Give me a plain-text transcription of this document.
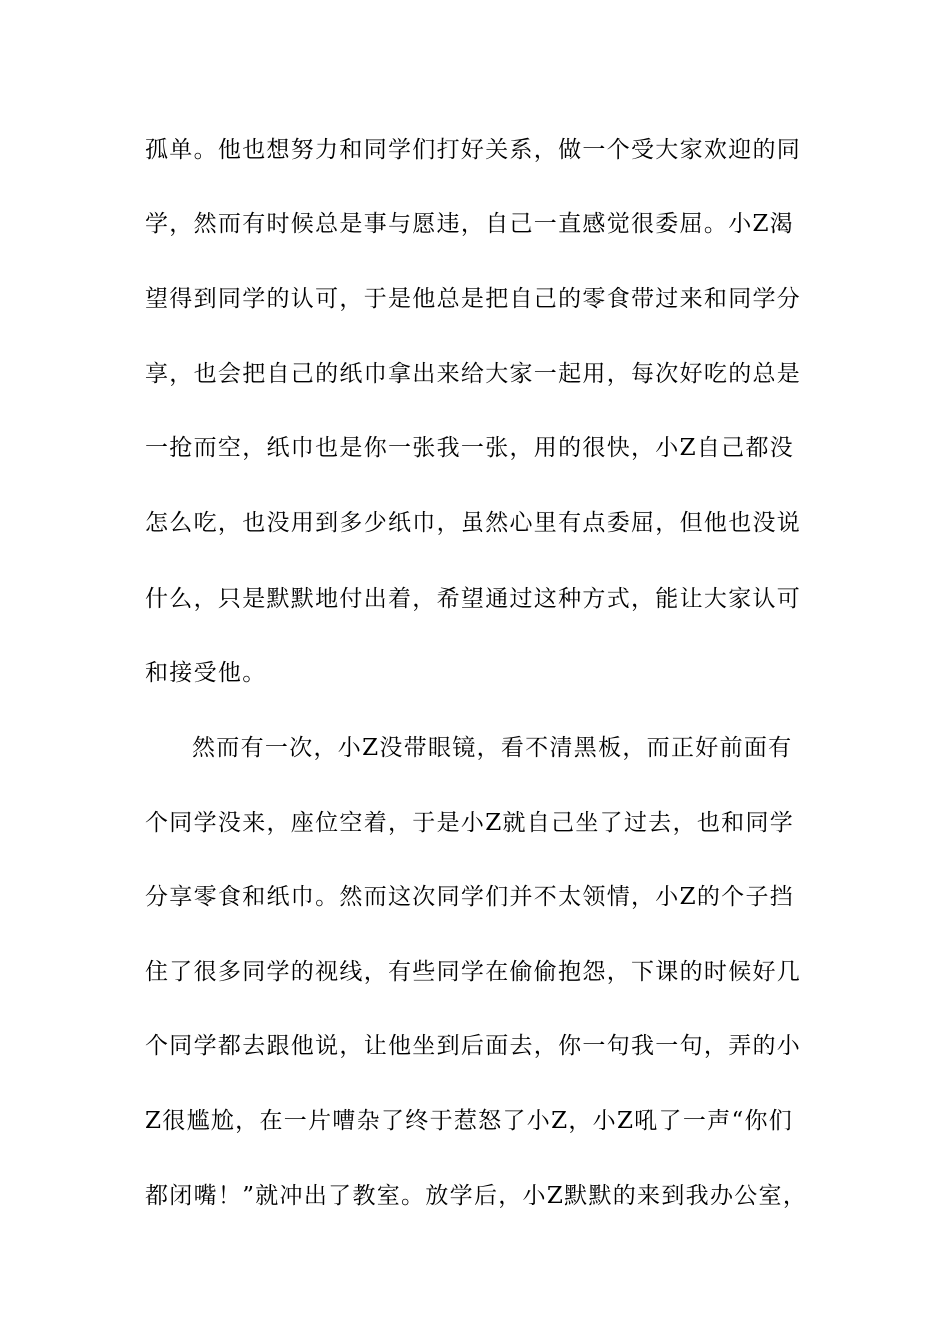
孤单。他也想努力和同学们打好关系，做一个受大家欢迎的同
学，然而有时候总是事与愿违，自己一直感觉很委屈。小Z渴
望得到同学的认可，于是他总是把自己的零食带过来和同学分
享，也会把自己的纸巾拿出来给大家一起用，每次好吃的总是
一抢而空，纸巾也是你一张我一张，用的很快，小Z自己都没
怎么吃，也没用到多少纸巾，虽然心里有点委屈，但他也没说
什么，只是默默地付出着，希望通过这种方式，能让大家认可
和接受他。
然而有一次，小Z没带眼镜，看不清黑板，而正好前面有
个同学没来，座位空着，于是小Z就自己坐了过去，也和同学
分享零食和纸巾。然而这次同学们并不太领情，小Z的个子挡
住了很多同学的视线，有些同学在偷偷抱怨，下课的时候好几
个同学都去跟他说，让他坐到后面去，你一句我一句，弄的小
Z很尴尬，在一片嘈杂了终于惹怒了小Z，小Z吼了一声“你们
都闭嘴！”就冲出了教室。放学后，小Z默默的来到我办公室，
